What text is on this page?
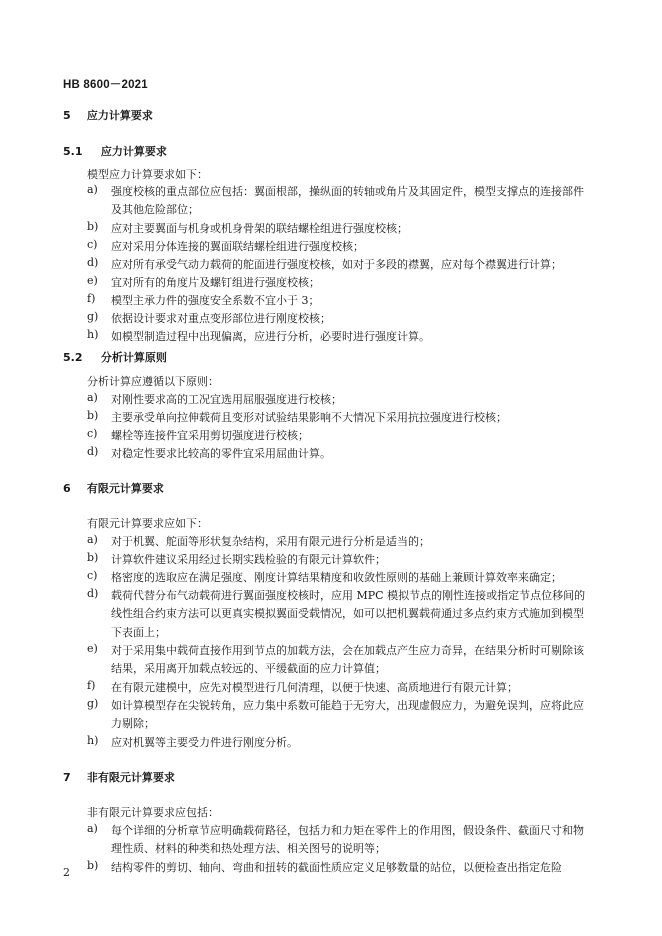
HB 8600－2021
5 应力计算要求
5.1 应力计算要求
模型应力计算要求如下：
a) 强度校核的重点部位应包括：翼面根部，操纵面的转轴或角片及其固定件，模型支撑点的连接部件及其他危险部位；
b) 应对主要翼面与机身或机身骨架的联结螺栓组进行强度校核；
c) 应对采用分体连接的翼面联结螺栓组进行强度校核；
d) 应对所有承受气动力载荷的舵面进行强度校核，如对于多段的襟翼，应对每个襟翼进行计算；
e) 宜对所有的角度片及螺钉组进行强度校核；
f) 模型主承力件的强度安全系数不宜小于 3；
g) 依据设计要求对重点变形部位进行刚度校核；
h) 如模型制造过程中出现偏离，应进行分析，必要时进行强度计算。
5.2 分析计算原则
分析计算应遵循以下原则：
a) 对刚性要求高的工况宜选用屈服强度进行校核；
b) 主要承受单向拉伸载荷且变形对试验结果影响不大情况下采用抗拉强度进行校核；
c) 螺栓等连接件宜采用剪切强度进行校核；
d) 对稳定性要求比较高的零件宜采用屈曲计算。
6 有限元计算要求
有限元计算要求应如下：
a) 对于机翼、舵面等形状复杂结构，采用有限元进行分析是适当的；
b) 计算软件建议采用经过长期实践检验的有限元计算软件；
c) 格密度的选取应在满足强度、刚度计算结果精度和收敛性原则的基础上兼顾计算效率来确定；
d) 载荷代替分布气动载荷进行翼面强度校核时，应用 MPC 模拟节点的刚性连接或指定节点位移间的线性组合约束方法可以更真实模拟翼面受载情况，如可以把机翼载荷通过多点约束方式施加到模型下表面上；
e) 对于采用集中载荷直接作用到节点的加载方法，会在加载点产生应力奇异，在结果分析时可剔除该结果，采用离开加载点较远的、平缓截面的应力计算值；
f) 在有限元建模中，应先对模型进行几何清理，以便于快速、高质地进行有限元计算；
g) 如计算模型存在尖锐转角，应力集中系数可能趋于无穷大，出现虚假应力，为避免误判，应将此应力剔除；
h) 应对机翼等主要受力件进行刚度分析。
7 非有限元计算要求
非有限元计算要求应包括：
a) 每个详细的分析章节应明确载荷路径，包括力和力矩在零件上的作用图，假设条件、截面尺寸和物理性质、材料的种类和热处理方法、相关图号的说明等；
b) 结构零件的剪切、轴向、弯曲和扭转的截面性质应定义足够数量的站位，以便检查出指定危险
2
